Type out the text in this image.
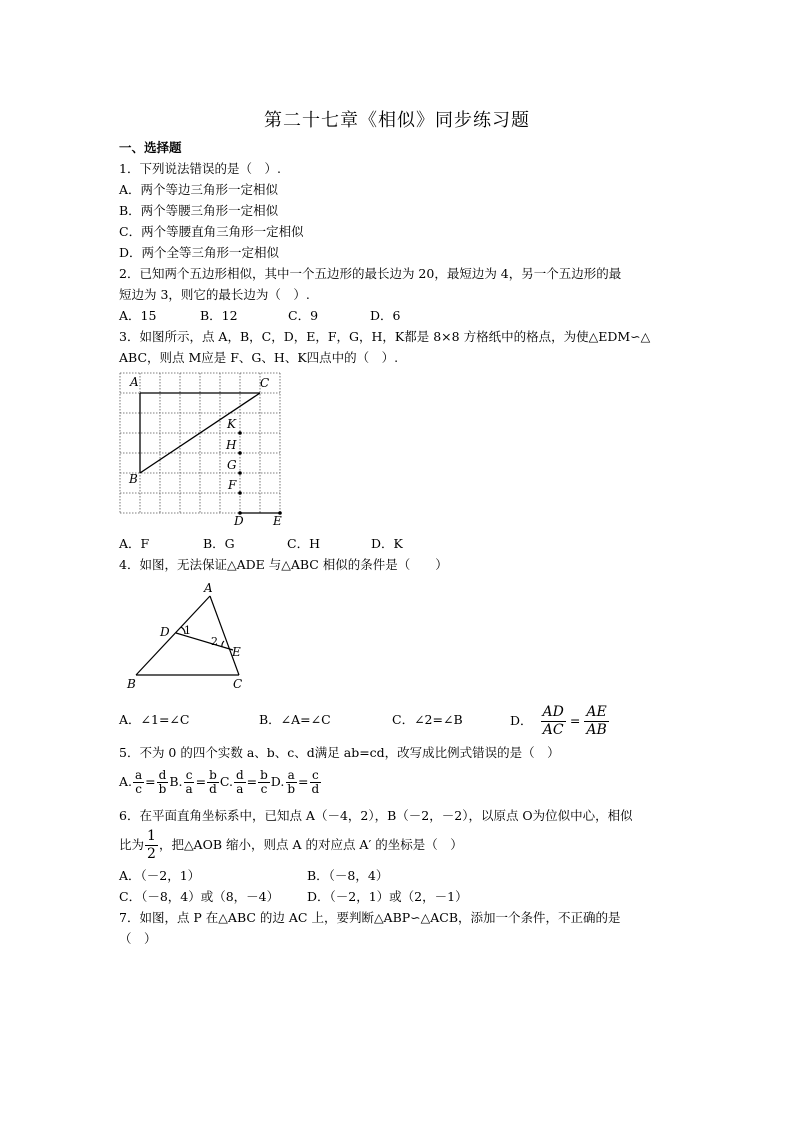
第二十七章《相似》同步练习题
一、选择题
1．下列说法错误的是（　）.
A．两个等边三角形一定相似
B．两个等腰三角形一定相似
C．两个等腰直角三角形一定相似
D．两个全等三角形一定相似
2．已知两个五边形相似，其中一个五边形的最长边为 20，最短边为 4，另一个五边形的最
短边为 3，则它的最长边为（　）.
A．15	B．12	C．9	D．6
3．如图所示，点 A，B，C，D，E，F，G，H，K都是 8×8 方格纸中的格点，为使△EDM∽△
ABC，则点 M应是 F、G、H、K四点中的（　）.
A	C
K
H
G
F
B
D E
A．F	B．G	C．H	D．K
4．如图，无法保证△ADE 与△ABC 相似的条件是（　　）
A
D
E
B	C
1
2
A．∠1=∠C	B．∠A=∠C	C．∠2=∠B	D． $\frac{AD}{AC} = \frac{AE}{AB}$
5．不为 0 的四个实数 a、b、c、d满足 ab=cd，改写成比例式错误的是（　）
A. $\frac{a}{c} = \frac{d}{b} B$. $\frac{c}{a} = \frac{b}{d} C$. $\frac{d}{a} = \frac{b}{c} D$. $\frac{a}{b} = \frac{c}{d}$
6．在平面直角坐标系中，已知点 A（－4，2），B（－2，－2），以原点 O为位似中心，相似
比为 $\frac{1}{2}$ ，把△AOB 缩小，则点 A 的对应点 A′ 的坐标是（　）
A．（－2，1）	B．（－8，4）
C．（－8，4）或（8，－4） D．（－2，1）或（2，－1）
7．如图，点 P 在△ABC 的边 AC 上，要判断△ABP∽△ACB，添加一个条件，不正确的是
（　）
